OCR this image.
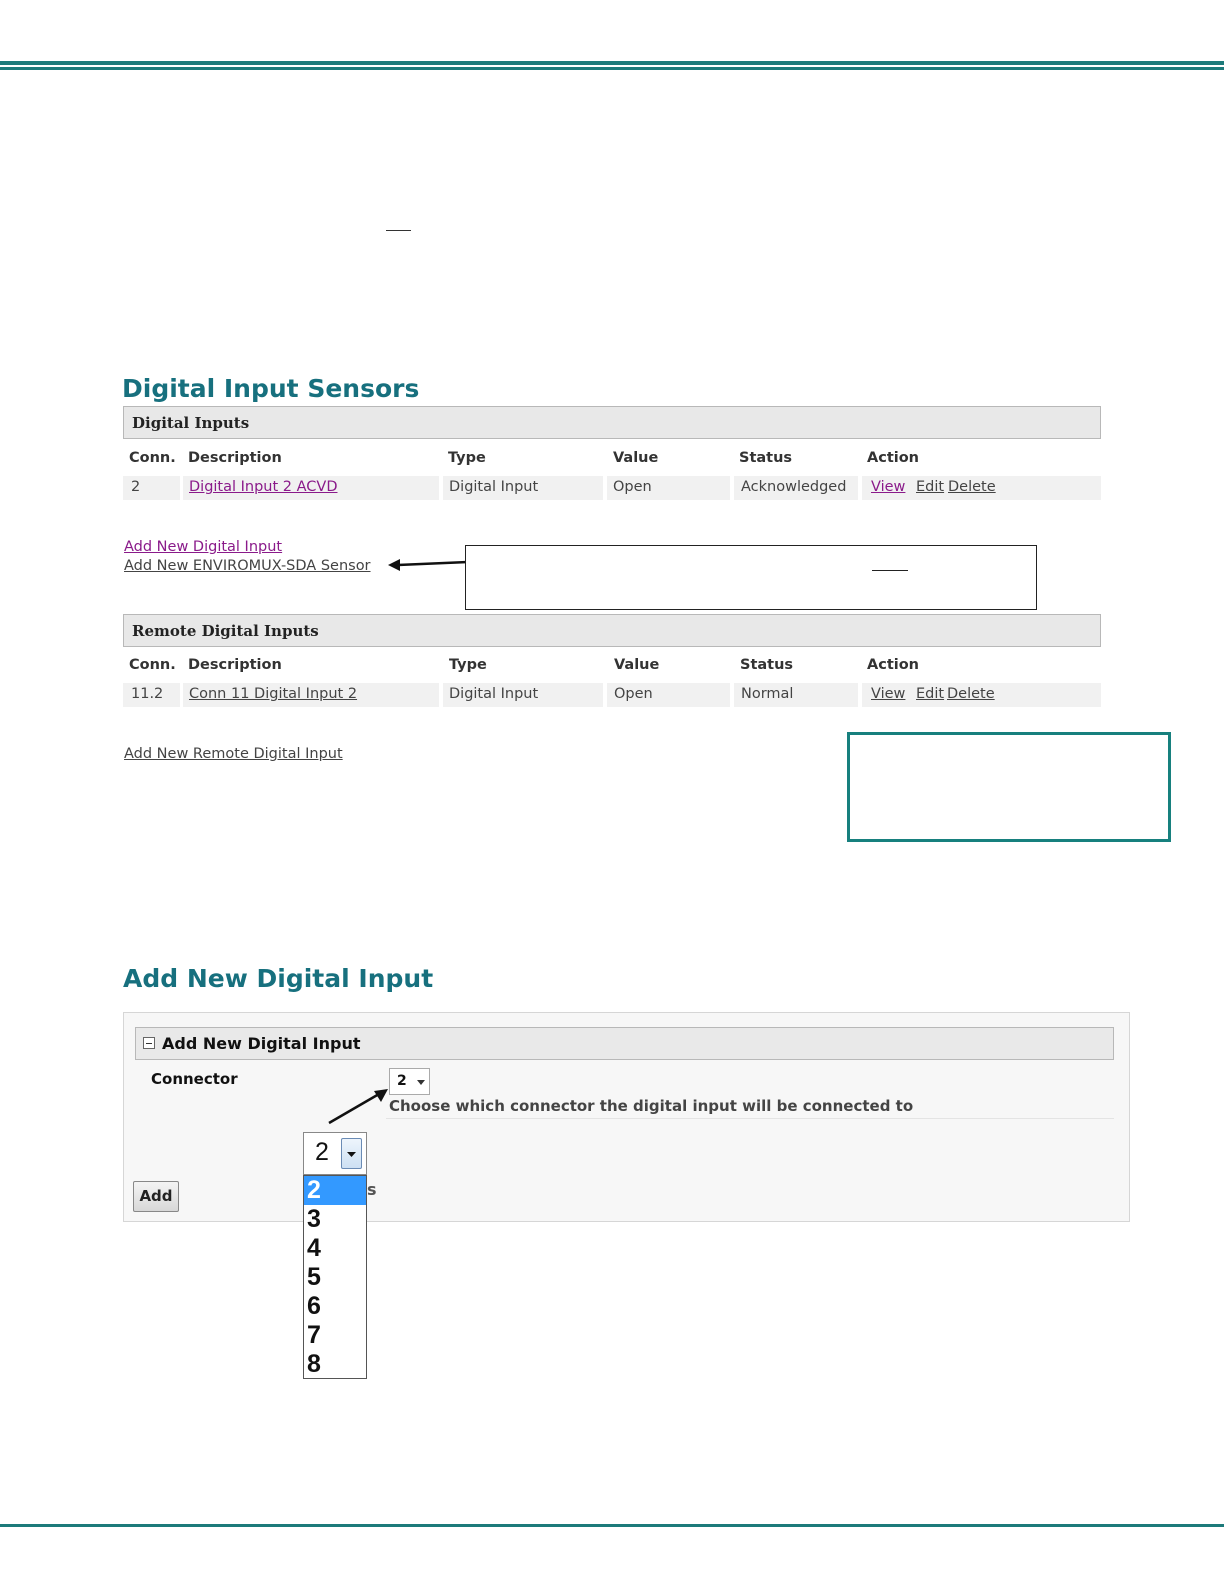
Digital Input Sensors
Digital Inputs
Conn. Description	Type	Value	Status	Action
2	Digital Input 2 ACVD	Digital Input	Open	Acknowledged View Edit Delete
Add New Digital Input
Add New ENVIROMUX-SDA Sensor
Remote Digital Inputs
Conn. Description	Type	Value	Status	Action
11.2 Conn 11 Digital Input 2	Digital Input	Open	Normal	View Edit Delete
Add New Remote Digital Input
Add New Digital Input
Add New Digital Input
Connector	2
Choose which connector the digital input will be connected to
Add
2
s
2
3
4
5
6
7
8
